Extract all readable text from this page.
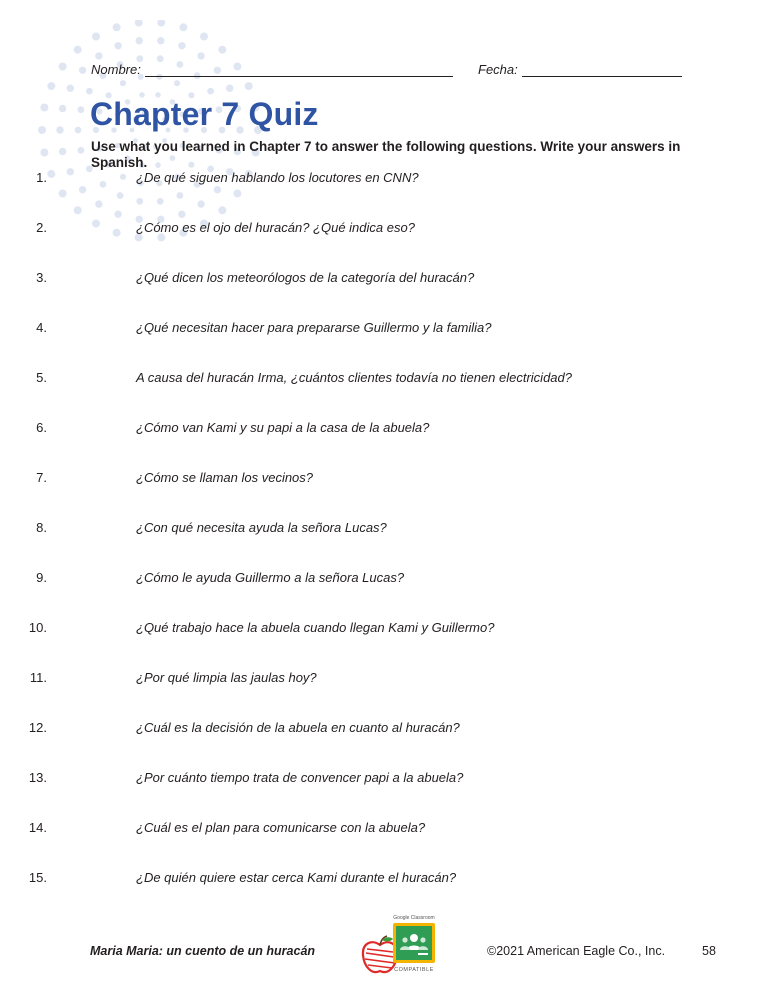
Nombre:	Fecha:
Chapter 7 Quiz

Use what you learned in Chapter 7 to answer the following questions. Write your answers in Spanish.

1.	¿De qué siguen hablando los locutores en CNN?
2.	¿Cómo es el ojo del huracán? ¿Qué indica eso?
3.	¿Qué dicen los meteorólogos de la categoría del huracán?
4.	¿Qué necesitan hacer para prepararse Guillermo y la familia?
5.	A causa del huracán Irma, ¿cuántos clientes todavía no tienen electricidad?
6.	¿Cómo van Kami y su papi a la casa de la abuela?
7.	¿Cómo se llaman los vecinos?
8.	¿Con qué necesita ayuda la señora Lucas?
9.	¿Cómo le ayuda Guillermo a la señora Lucas?
10.	¿Qué trabajo hace la abuela cuando llegan Kami y Guillermo?
11.	¿Por qué limpia las jaulas hoy?
12.	¿Cuál es la decisión de la abuela en cuanto al huracán?
13.	¿Por cuánto tiempo trata de convencer papi a la abuela?
14.	¿Cuál es el plan para comunicarse con la abuela?
15.	¿De quién quiere estar cerca Kami durante el huracán?
Maria Maria: un cuento de un huracán
Google Classroom
COMPATIBLE
©2021 American Eagle Co., Inc.	58
